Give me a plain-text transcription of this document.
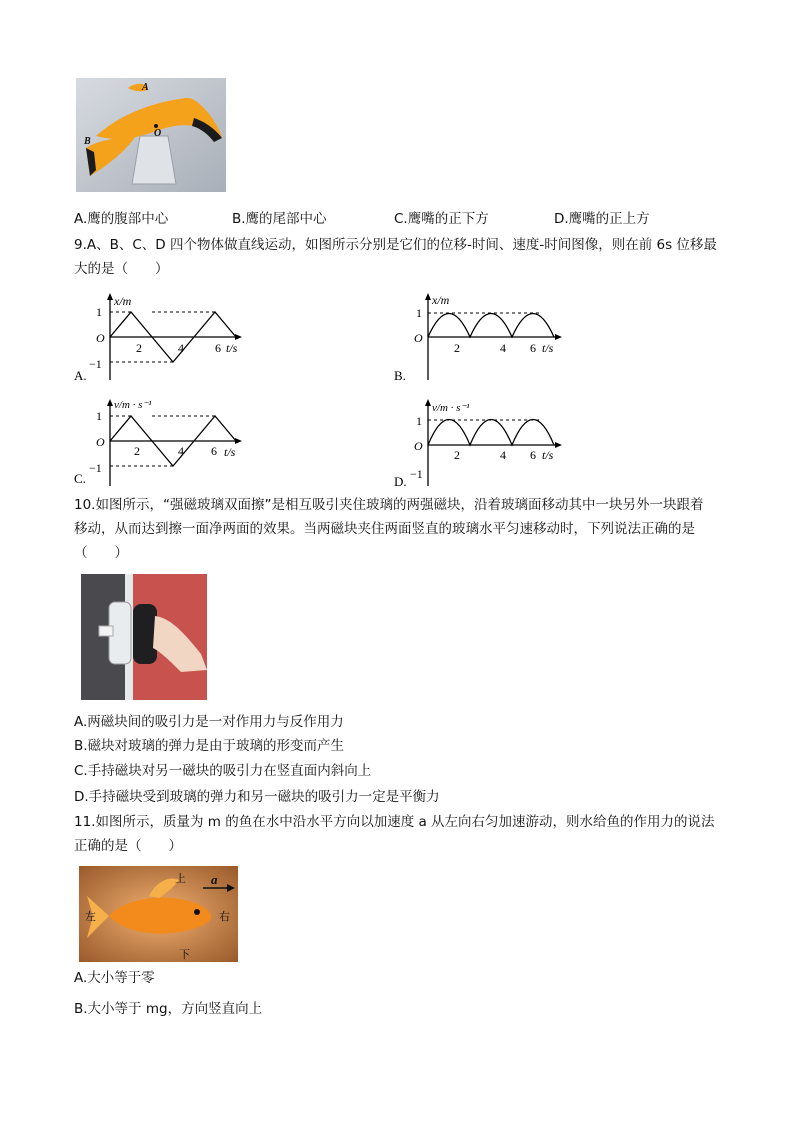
A
B
O
A.鹰的腹部中心	B.鹰的尾部中心	C.鹰嘴的正下方	D.鹰嘴的正上方
9.A、B、C、D 四个物体做直线运动，如图所示分别是它们的位移-时间、速度-时间图像，则在前 6s 位移最
大的是（　　）
x/m
1
O
−1
2	4	6 t/s
A.
x/m
1
O
2	4 6 t/s
B.
v/m · s⁻¹
1
O
−1
2	4 6 t/s
C.
v/m · s⁻¹
1
O
−1
2	4 6 t/s
D.
10.如图所示，“强磁玻璃双面擦”是相互吸引夹住玻璃的两强磁块，沿着玻璃面移动其中一块另外一块跟着
移动，从而达到擦一面净两面的效果。当两磁块夹住两面竖直的玻璃水平匀速移动时，下列说法正确的是
（　　）
A.两磁块间的吸引力是一对作用力与反作用力
B.磁块对玻璃的弹力是由于玻璃的形变而产生
C.手持磁块对另一磁块的吸引力在竖直面内斜向上
D.手持磁块受到玻璃的弹力和另一磁块的吸引力一定是平衡力
11.如图所示，质量为 m 的鱼在水中沿水平方向以加速度 a 从左向右匀加速游动，则水给鱼的作用力的说法
正确的是（　　）
上
下
左	右
a
A.大小等于零
B.大小等于 mg，方向竖直向上
